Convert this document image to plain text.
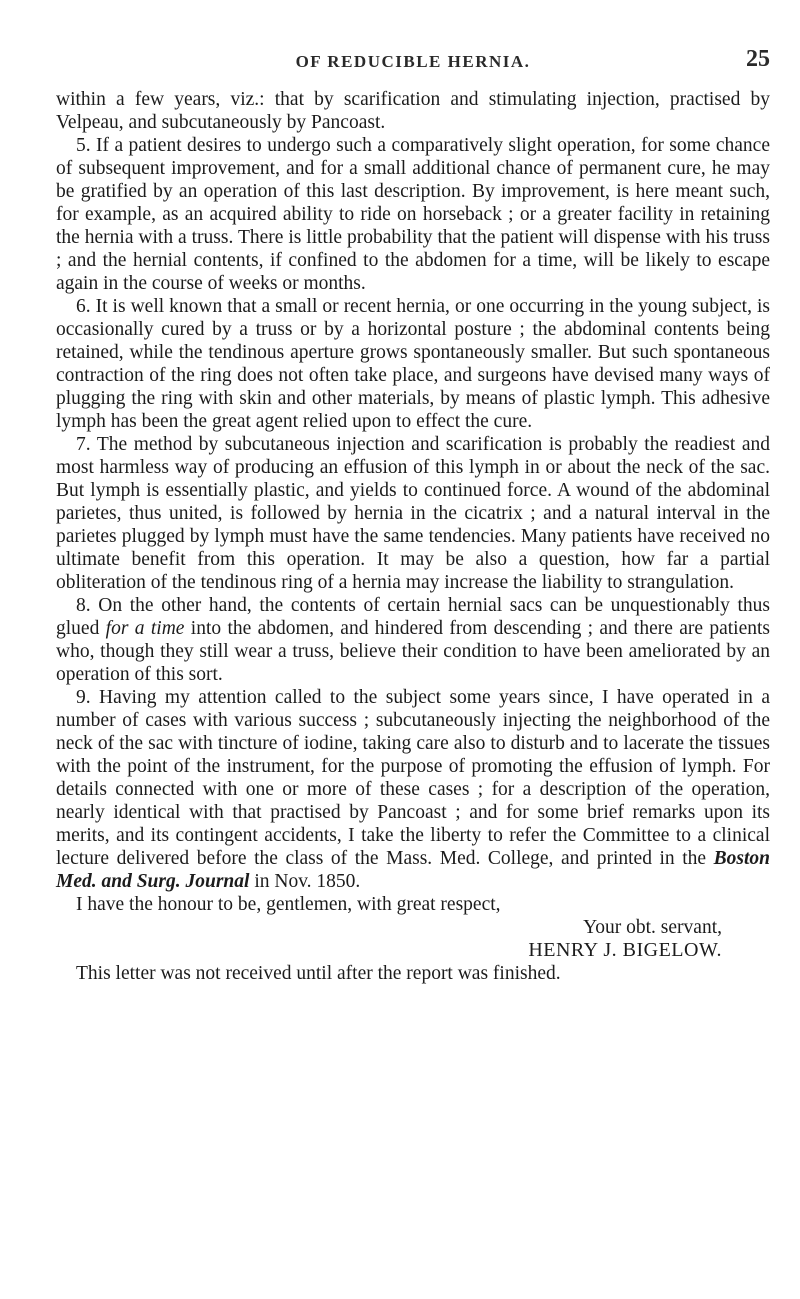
OF REDUCIBLE HERNIA.	25

within a few years, viz.: that by scarification and stimulating injection, practised by Velpeau, and subcutaneously by Pancoast.

5. If a patient desires to undergo such a comparatively slight operation, for some chance of subsequent improvement, and for a small additional chance of permanent cure, he may be gratified by an operation of this last description. By improvement, is here meant such, for example, as an acquired ability to ride on horseback ; or a greater facility in retaining the hernia with a truss. There is little probability that the patient will dispense with his truss ; and the hernial contents, if confined to the abdomen for a time, will be likely to escape again in the course of weeks or months.

6. It is well known that a small or recent hernia, or one occurring in the young subject, is occasionally cured by a truss or by a horizontal posture ; the abdominal contents being retained, while the tendinous aperture grows spontaneously smaller. But such spontaneous contraction of the ring does not often take place, and surgeons have devised many ways of plugging the ring with skin and other materials, by means of plastic lymph. This adhesive lymph has been the great agent relied upon to effect the cure.

7. The method by subcutaneous injection and scarification is probably the readiest and most harmless way of producing an effusion of this lymph in or about the neck of the sac. But lymph is essentially plastic, and yields to continued force. A wound of the abdominal parietes, thus united, is followed by hernia in the cicatrix ; and a natural interval in the parietes plugged by lymph must have the same tendencies. Many patients have received no ultimate benefit from this operation. It may be also a question, how far a partial obliteration of the tendinous ring of a hernia may increase the liability to strangulation.

8. On the other hand, the contents of certain hernial sacs can be unquestionably thus glued for a time into the abdomen, and hindered from descending ; and there are patients who, though they still wear a truss, believe their condition to have been ameliorated by an operation of this sort.

9. Having my attention called to the subject some years since, I have operated in a number of cases with various success ; subcutaneously injecting the neighborhood of the neck of the sac with tincture of iodine, taking care also to disturb and to lacerate the tissues with the point of the instrument, for the purpose of promoting the effusion of lymph. For details connected with one or more of these cases ; for a description of the operation, nearly identical with that practised by Pancoast ; and for some brief remarks upon its merits, and its contingent accidents, I take the liberty to refer the Committee to a clinical lecture delivered before the class of the Mass. Med. College, and printed in the Boston Med. and Surg. Journal in Nov. 1850.

I have the honour to be, gentlemen, with great respect,

Your obt. servant,

HENRY J. BIGELOW.

This letter was not received until after the report was finished.
